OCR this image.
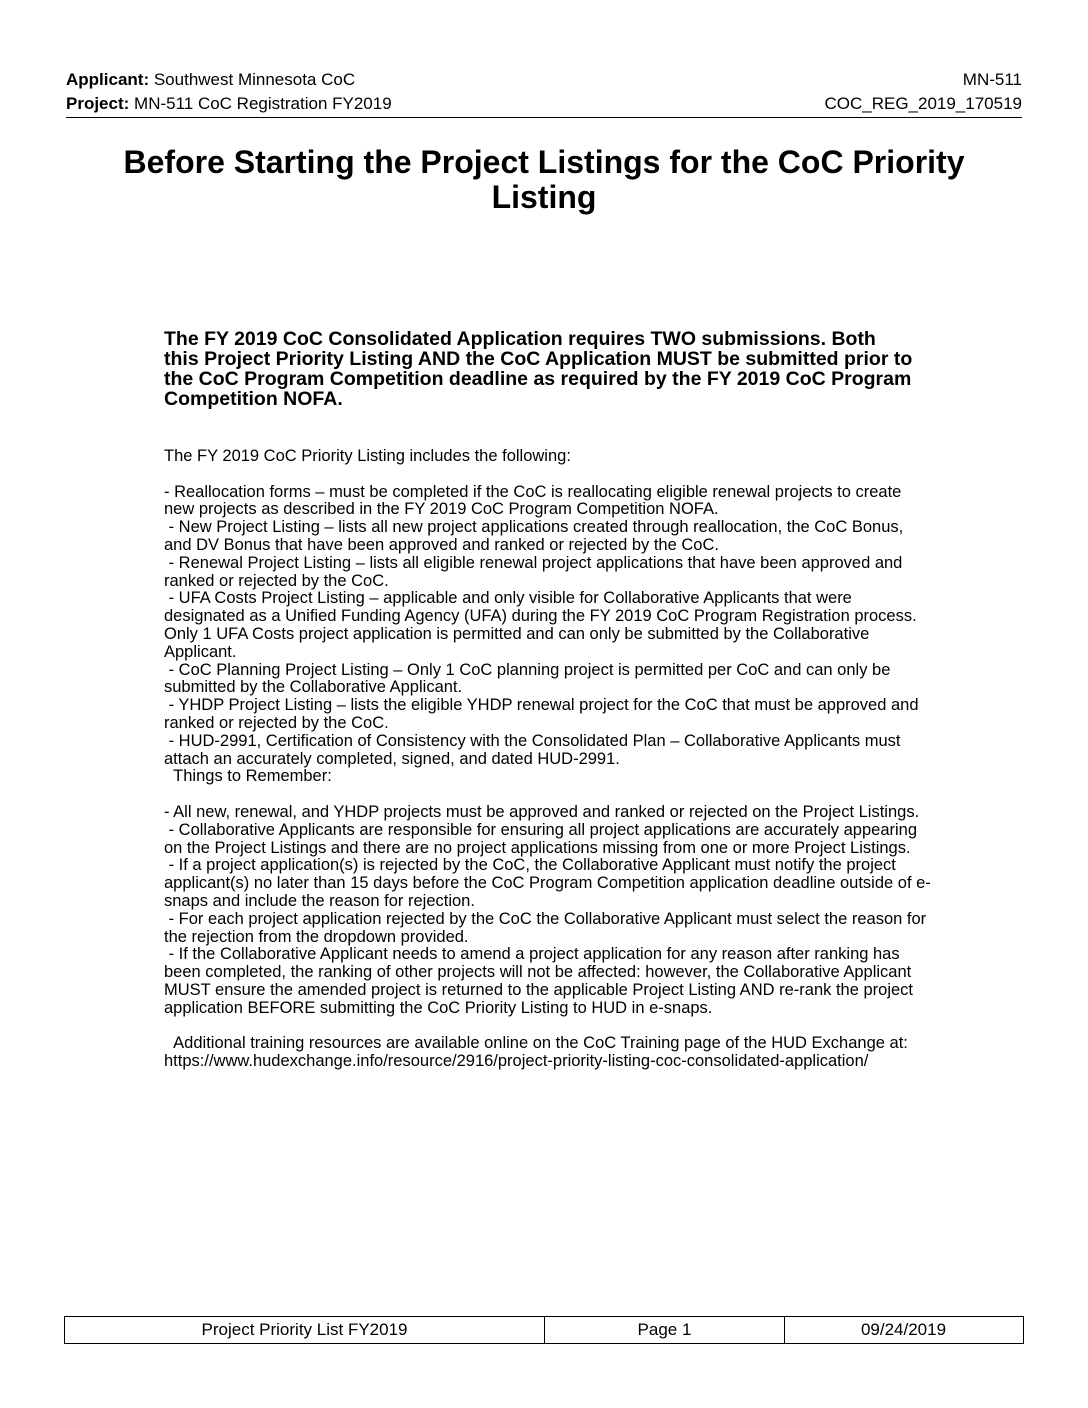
Applicant: Southwest Minnesota CoC	MN-511
Project: MN-511 CoC Registration FY2019	COC_REG_2019_170519
Before Starting the Project Listings for the CoC Priority Listing

The FY 2019 CoC Consolidated Application requires TWO submissions. Both this Project Priority Listing AND the CoC Application MUST be submitted prior to the CoC Program Competition deadline as required by the FY 2019 CoC Program Competition NOFA.

The FY 2019 CoC Priority Listing includes the following:
- Reallocation forms – must be completed if the CoC is reallocating eligible renewal projects to create new projects as described in the FY 2019 CoC Program Competition NOFA.
- New Project Listing – lists all new project applications created through reallocation, the CoC Bonus, and DV Bonus that have been approved and ranked or rejected by the CoC.
- Renewal Project Listing – lists all eligible renewal project applications that have been approved and ranked or rejected by the CoC.
- UFA Costs Project Listing – applicable and only visible for Collaborative Applicants that were designated as a Unified Funding Agency (UFA) during the FY 2019 CoC Program Registration process. Only 1 UFA Costs project application is permitted and can only be submitted by the Collaborative Applicant.
- CoC Planning Project Listing – Only 1 CoC planning project is permitted per CoC and can only be submitted by the Collaborative Applicant.
- YHDP Project Listing – lists the eligible YHDP renewal project for the CoC that must be approved and ranked or rejected by the CoC.
- HUD-2991, Certification of Consistency with the Consolidated Plan – Collaborative Applicants must attach an accurately completed, signed, and dated HUD-2991.
Things to Remember:
- All new, renewal, and YHDP projects must be approved and ranked or rejected on the Project Listings.
- Collaborative Applicants are responsible for ensuring all project applications are accurately appearing on the Project Listings and there are no project applications missing from one or more Project Listings.
- If a project application(s) is rejected by the CoC, the Collaborative Applicant must notify the project applicant(s) no later than 15 days before the CoC Program Competition application deadline outside of e-snaps and include the reason for rejection.
- For each project application rejected by the CoC the Collaborative Applicant must select the reason for the rejection from the dropdown provided.
- If the Collaborative Applicant needs to amend a project application for any reason after ranking has been completed, the ranking of other projects will not be affected: however, the Collaborative Applicant MUST ensure the amended project is returned to the applicable Project Listing AND re-rank the project application BEFORE submitting the CoC Priority Listing to HUD in e-snaps.
Additional training resources are available online on the CoC Training page of the HUD Exchange at:  https://www.hudexchange.info/resource/2916/project-priority-listing-coc-consolidated-application/
Project Priority List FY2019	Page 1	09/24/2019
